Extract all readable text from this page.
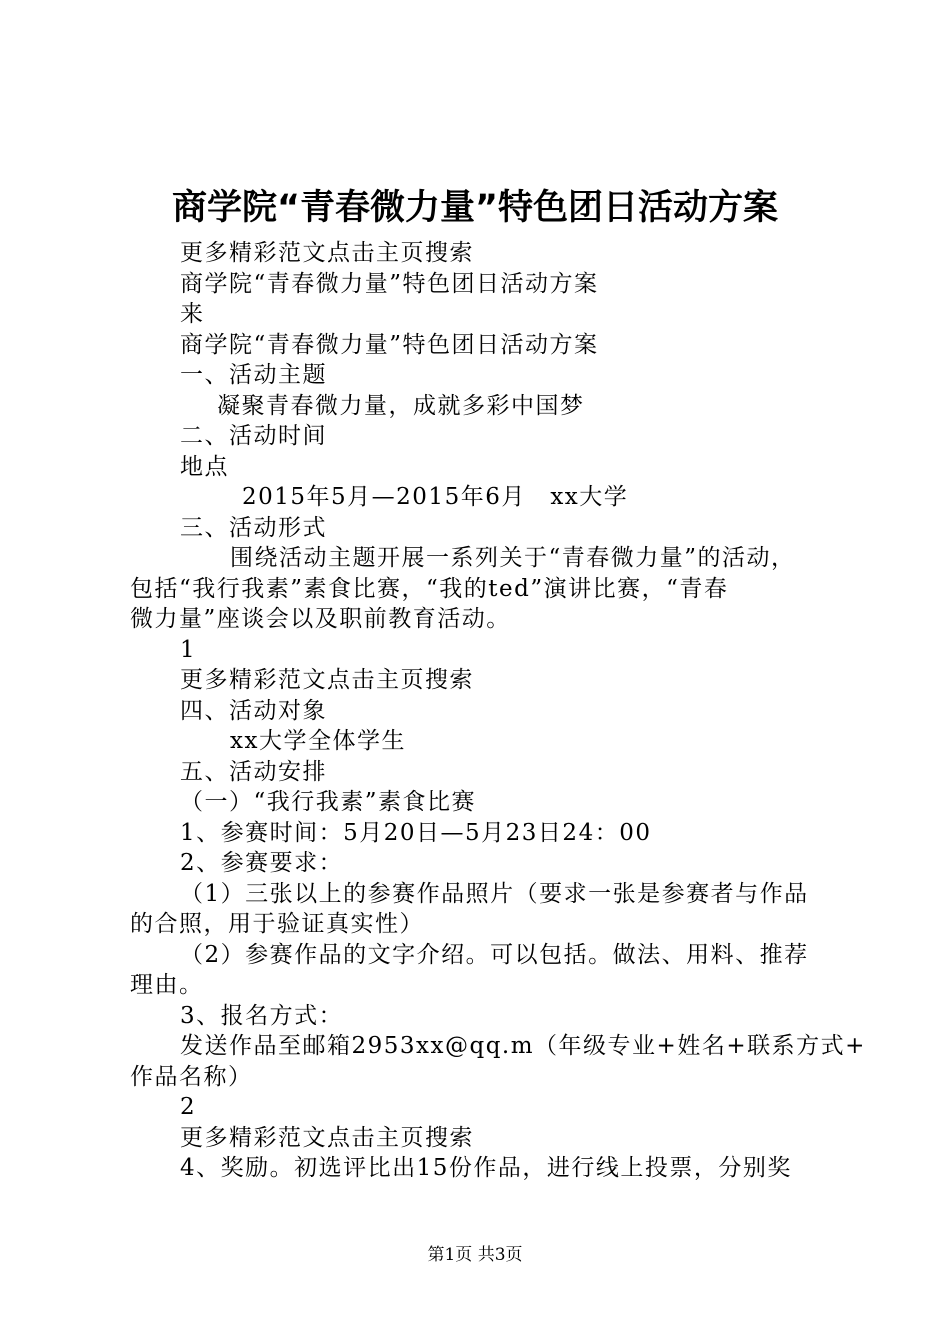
商学院“青春微力量”特色团日活动方案
更多精彩范文点击主页搜索
商学院“青春微力量”特色团日活动方案
来
商学院“青春微力量”特色团日活动方案
一、活动主题
凝聚青春微力量，成就多彩中国梦
二、活动时间
地点
2015年5月—2015年6月　xx大学
三、活动形式
围绕活动主题开展一系列关于“青春微力量”的活动，
包括“我行我素”素食比赛，“我的ted”演讲比赛，“青春
微力量”座谈会以及职前教育活动。
1
更多精彩范文点击主页搜索
四、活动对象
xx大学全体学生
五、活动安排
（一）“我行我素”素食比赛
1、参赛时间：5月20日—5月23日24：00
2、参赛要求：
（1）三张以上的参赛作品照片（要求一张是参赛者与作品
的合照，用于验证真实性）
（2）参赛作品的文字介绍。可以包括。做法、用料、推荐
理由。
3、报名方式：
发送作品至邮箱2953xx@qq.m（年级专业+姓名+联系方式+
作品名称）
2
更多精彩范文点击主页搜索
4、奖励。初选评比出15份作品，进行线上投票，分别奖
第1页 共3页
